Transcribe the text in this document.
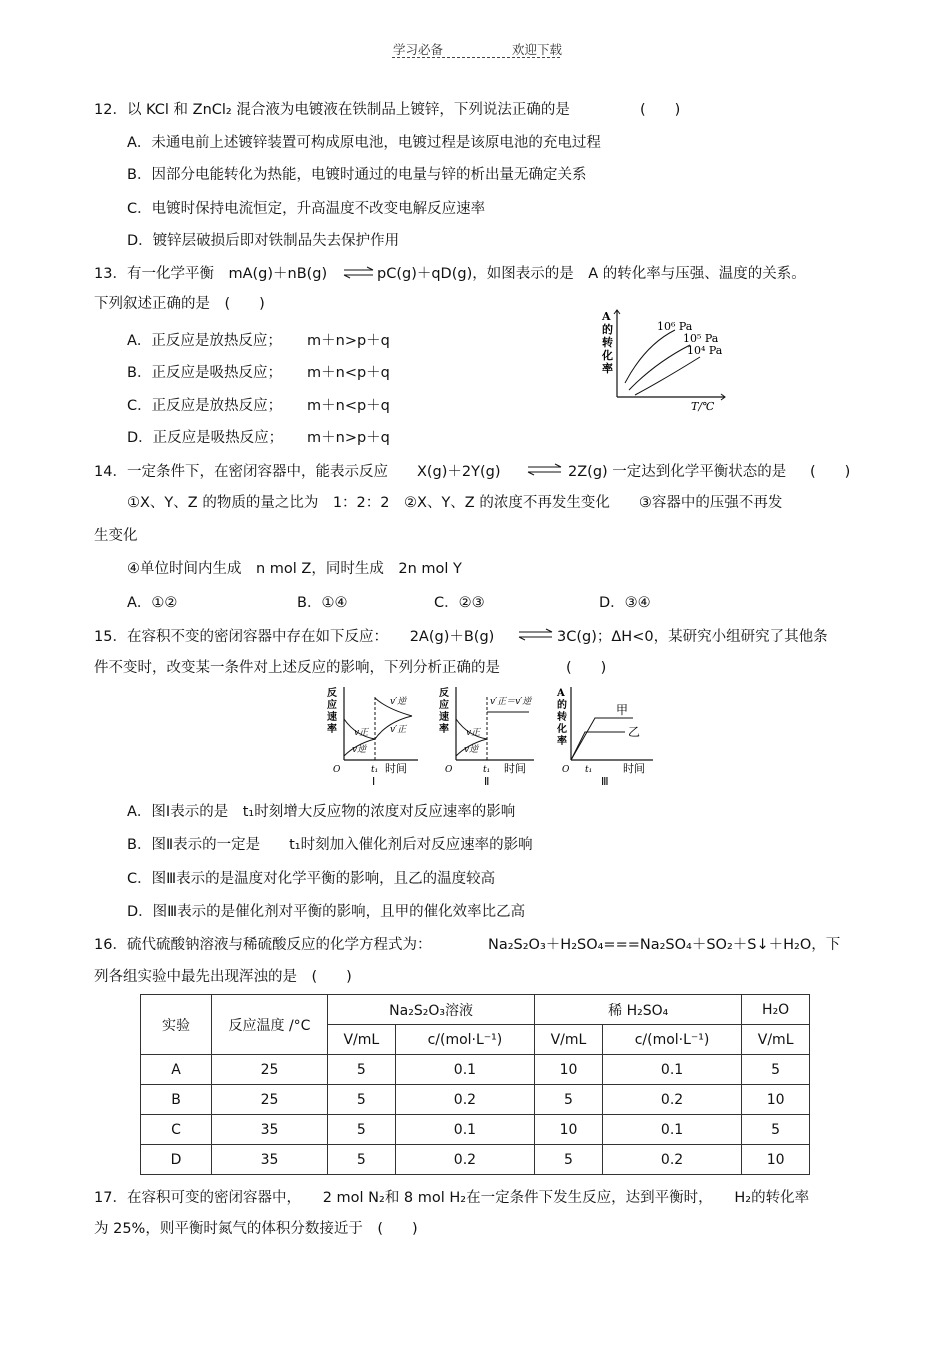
学习必备	欢迎下载
12．以 KCl 和 ZnCl₂ 混合液为电镀液在铁制品上镀锌，下列说法正确的是	(　　)
A．未通电前上述镀锌装置可构成原电池，电镀过程是该原电池的充电过程
B．因部分电能转化为热能，电镀时通过的电量与锌的析出量无确定关系
C．电镀时保持电流恒定，升高温度不改变电解反应速率
D．镀锌层破损后即对铁制品失去保护作用
13．有一化学平衡　mA(g)＋nB(g) ⇌ pC(g)＋qD(g)，如图表示的是　A 的转化率与压强、温度的关系。
下列叙述正确的是　(　　)
A．正反应是放热反应； m＋n>p＋q
B．正反应是吸热反应； m＋n<p＋q
C．正反应是放热反应； m＋n<p＋q
D．正反应是吸热反应； m＋n>p＋q
A
的
转
化
率
10⁶ Pa
10⁵ Pa
10⁴ Pa
T/℃
14．一定条件下，在密闭容器中，能表示反应　　X(g)＋2Y(g) ⇌ 2Z(g) 一定达到化学平衡状态的是 (　　)
①X、Y、Z 的物质的量之比为　1：2：2　②X、Y、Z 的浓度不再发生变化　　③容器中的压强不再发
生变化
④单位时间内生成　n mol Z，同时生成　2n mol Y
A．①②	B．①④	C．②③	D．③④
15．在容积不变的密闭容器中存在如下反应：　　2A(g)＋B(g) ⇌ 3C(g)；ΔH<0，某研究小组研究了其他条
件不变时，改变某一条件对上述反应的影响，下列分析正确的是	(　　)
反
应
速
率 v正
v逆
v′逆
v′正
O	t₁ 时间
Ⅰ
反
应
速
率 v正
v逆
v′正＝v′逆
O	t₁ 时间
Ⅱ
A
的
转
化
率
甲
乙
O t₁	时间
Ⅲ
A．图Ⅰ表示的是　t₁时刻增大反应物的浓度对反应速率的影响
B．图Ⅱ表示的一定是　　t₁时刻加入催化剂后对反应速率的影响
C．图Ⅲ表示的是温度对化学平衡的影响，且乙的温度较高
D．图Ⅲ表示的是催化剂对平衡的影响，且甲的催化效率比乙高
16．硫代硫酸钠溶液与稀硫酸反应的化学方程式为：	Na₂S₂O₃＋H₂SO₄===Na₂SO₄＋SO₂＋S↓＋H₂O，下
列各组实验中最先出现浑浊的是　(　　)
实验	反应温度 /°C	Na₂S₂O₃溶液		稀 H₂SO₄		H₂O
		V/mL	c/(mol·L⁻¹)	V/mL	c/(mol·L⁻¹)	V/mL
A	25	5	0.1	10	0.1	5
B	25	5	0.2	5	0.2	10
C	35	5	0.1	10	0.1	5
D	35	5	0.2	5	0.2	10
17．在容积可变的密闭容器中，　　2 mol N₂和 8 mol H₂在一定条件下发生反应，达到平衡时，　　H₂的转化率
为 25%，则平衡时氮气的体积分数接近于　(　　)
